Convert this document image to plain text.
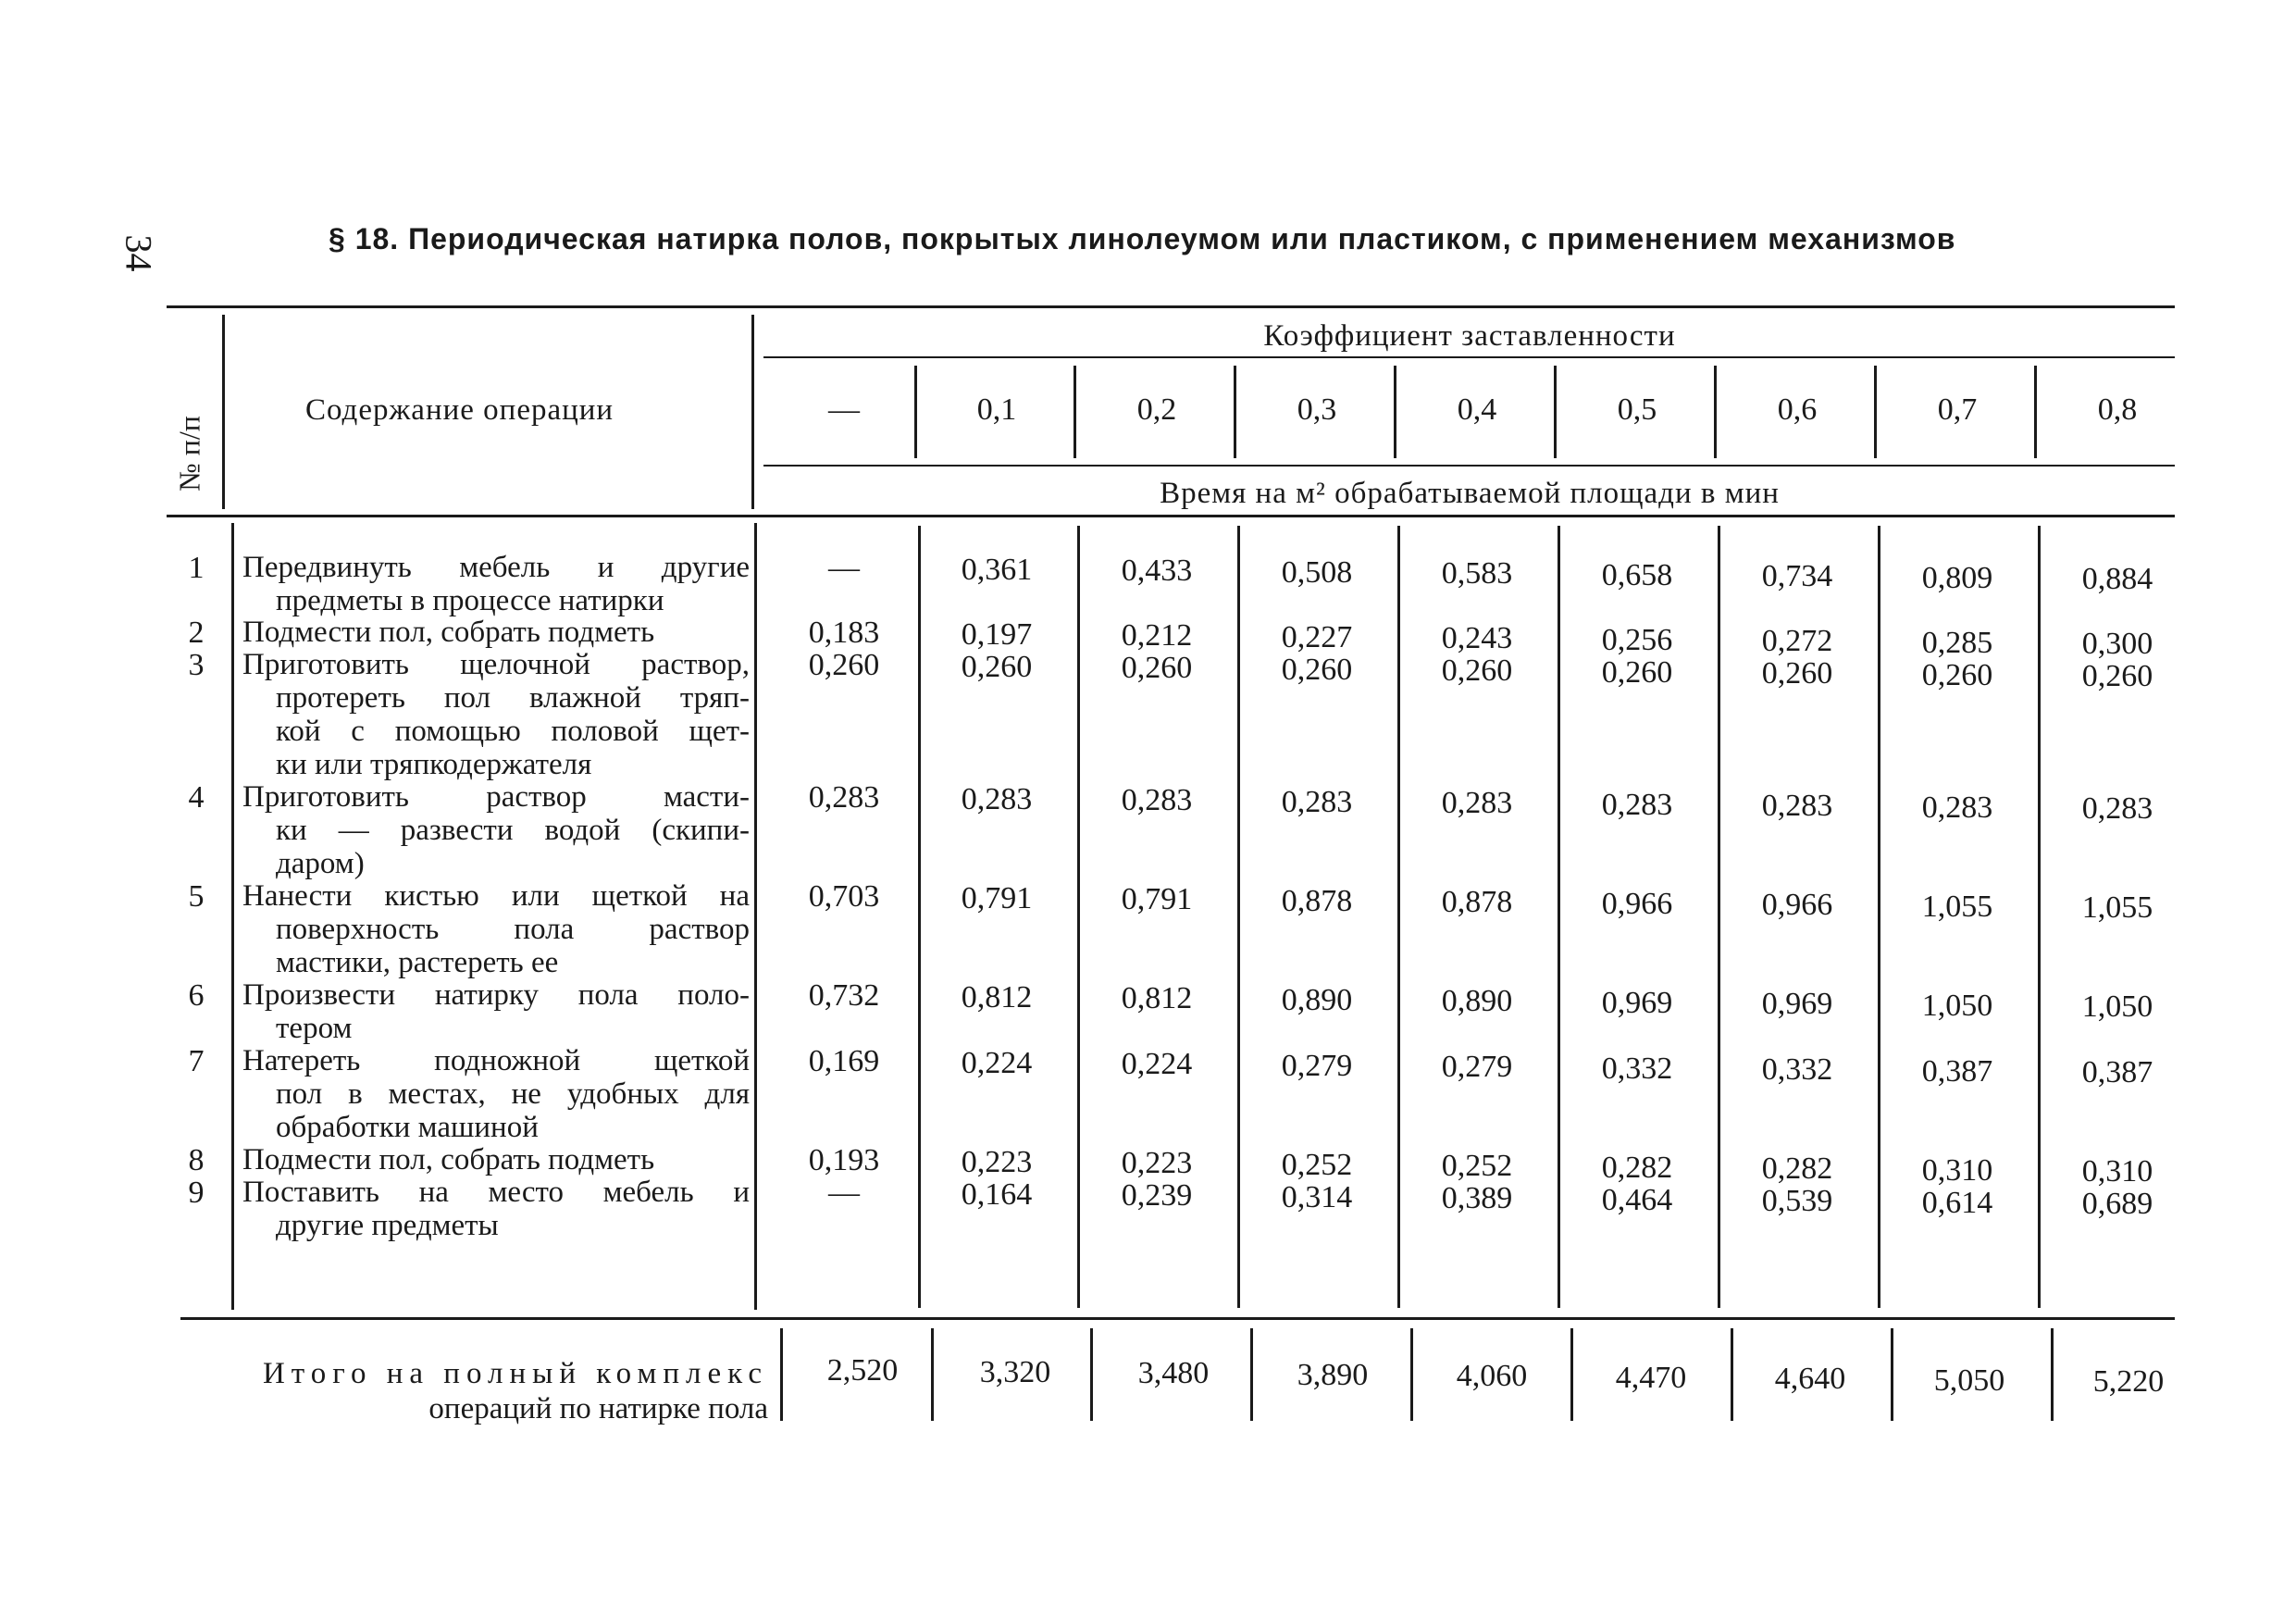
34	§ 18. Периодическая натирка полов, покрытых линолеумом или пластиком, с применением механизмов
№ п/п
Содержание операции
Коэффициент заставленности
Время на м² обрабатываемой площади в мин
—	0,1	0,2	0,3	0,4	0,5	0,6	0,7	0,8
1 Передвинуть мебель и другие
предметы в процессе натирки
—	0,361	0,433	0,508	0,583	0,658	0,734	0,809	0,884
2 Подмести пол, собрать подметь	0,183	0,197	0,212	0,227	0,243	0,256	0,272	0,285	0,300
3 Приготовить щелочной раствор,
протереть пол влажной тряп-
кой с помощью половой щет-
ки или тряпкодержателя
0,260	0,260	0,260	0,260	0,260	0,260	0,260	0,260	0,260
4 Приготовить раствор масти-
ки — развести водой (скипи-
даром)
0,283	0,283	0,283	0,283	0,283	0,283	0,283	0,283	0,283
5 Нанести кистью или щеткой на
поверхность пола раствор
мастики, растереть ее
0,703	0,791	0,791	0,878	0,878	0,966	0,966	1,055	1,055
6 Произвести натирку пола поло-
тером
0,732	0,812	0,812	0,890	0,890	0,969	0,969	1,050	1,050
7 Натереть подножной щеткой
пол в местах, не удобных для
обработки машиной
0,169	0,224	0,224	0,279	0,279	0,332	0,332	0,387	0,387
8 Подмести пол, собрать подметь	0,193	0,223	0,223	0,252	0,252	0,282	0,282	0,310	0,310
9 Поставить на место мебель и
другие предметы
—	0,164	0,239	0,314	0,389	0,464	0,539	0,614	0,689
Итого на полный комплекс
операций по натирке пола
2,520	3,320	3,480	3,890	4,060	4,470	4,640	5,050	5,220
